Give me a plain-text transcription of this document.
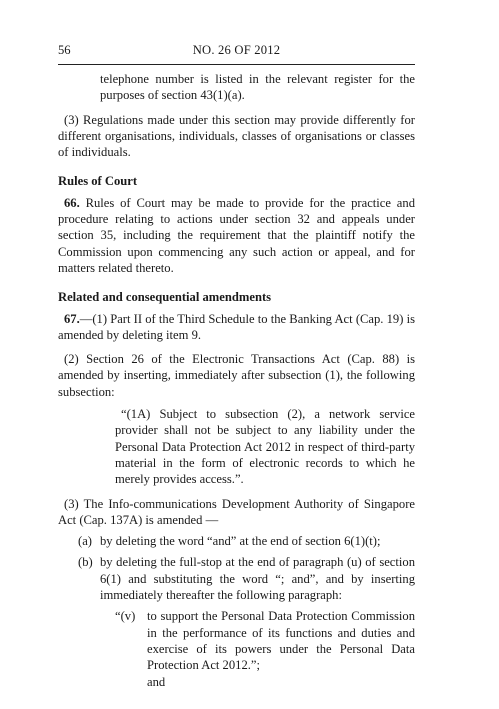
56	NO. 26 OF 2012

telephone number is listed in the relevant register for the purposes of section 43(1)(a).

(3) Regulations made under this section may provide differently for different organisations, individuals, classes of organisations or classes of individuals.

Rules of Court

66. Rules of Court may be made to provide for the practice and procedure relating to actions under section 32 and appeals under section 35, including the requirement that the plaintiff notify the Commission upon commencing any such action or appeal, and for matters related thereto.

Related and consequential amendments

67.—(1) Part II of the Third Schedule to the Banking Act (Cap. 19) is amended by deleting item 9.

(2) Section 26 of the Electronic Transactions Act (Cap. 88) is amended by inserting, immediately after subsection (1), the following subsection:

“(1A) Subject to subsection (2), a network service provider shall not be subject to any liability under the Personal Data Protection Act 2012 in respect of third-party material in the form of electronic records to which he merely provides access.”.

(3) The Info-communications Development Authority of Singapore Act (Cap. 137A) is amended —

(a) by deleting the word “and” at the end of section 6(1)(t);
(b) by deleting the full-stop at the end of paragraph (u) of section 6(1) and substituting the word “; and”, and by inserting immediately thereafter the following paragraph:
“(v) to support the Personal Data Protection Commission in the performance of its functions and duties and exercise of its powers under the Personal Data Protection Act 2012.”;

and
